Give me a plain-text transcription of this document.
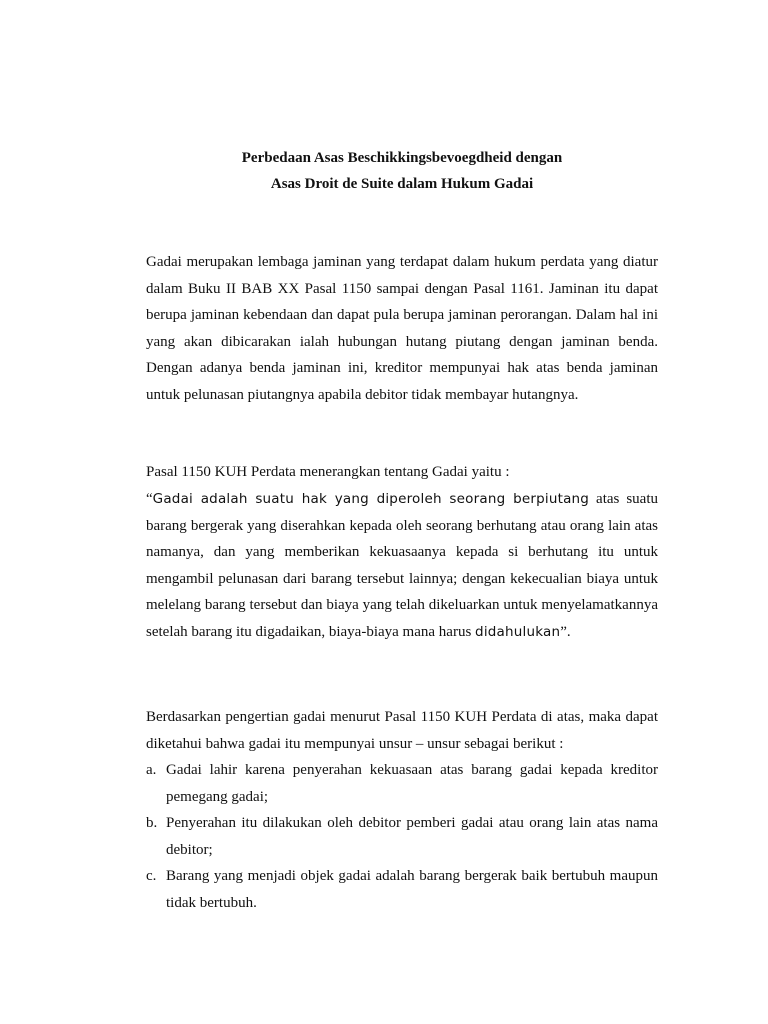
Perbedaan Asas Beschikkingsbevoegdheid dengan
Asas Droit de Suite dalam Hukum Gadai

Gadai merupakan lembaga jaminan yang terdapat dalam hukum perdata yang diatur dalam Buku II BAB XX Pasal 1150 sampai dengan Pasal 1161. Jaminan itu dapat berupa jaminan kebendaan dan dapat pula berupa jaminan perorangan. Dalam hal ini yang akan dibicarakan ialah hubungan hutang piutang dengan jaminan benda. Dengan adanya benda jaminan ini, kreditor mempunyai hak atas benda jaminan untuk pelunasan piutangnya apabila debitor tidak membayar hutangnya.

Pasal 1150 KUH Perdata menerangkan tentang Gadai yaitu :

“Gadai adalah suatu hak yang diperoleh seorang berpiutang atas suatu barang bergerak yang diserahkan kepada oleh seorang berhutang atau orang lain atas namanya, dan yang memberikan kekuasaanya kepada si berhutang itu untuk mengambil pelunasan dari barang tersebut lainnya; dengan kekecualian biaya untuk melelang barang tersebut dan biaya yang telah dikeluarkan untuk menyelamatkannya setelah barang itu digadaikan, biaya-biaya mana harus didahulukan”.

Berdasarkan pengertian gadai menurut Pasal 1150 KUH Perdata di atas, maka dapat diketahui bahwa gadai itu mempunyai unsur – unsur sebagai berikut :

a. Gadai lahir karena penyerahan kekuasaan atas barang gadai kepada kreditor pemegang gadai;
b. Penyerahan itu dilakukan oleh debitor pemberi gadai atau orang lain atas nama debitor;
c. Barang yang menjadi objek gadai adalah barang bergerak baik bertubuh maupun tidak bertubuh.
